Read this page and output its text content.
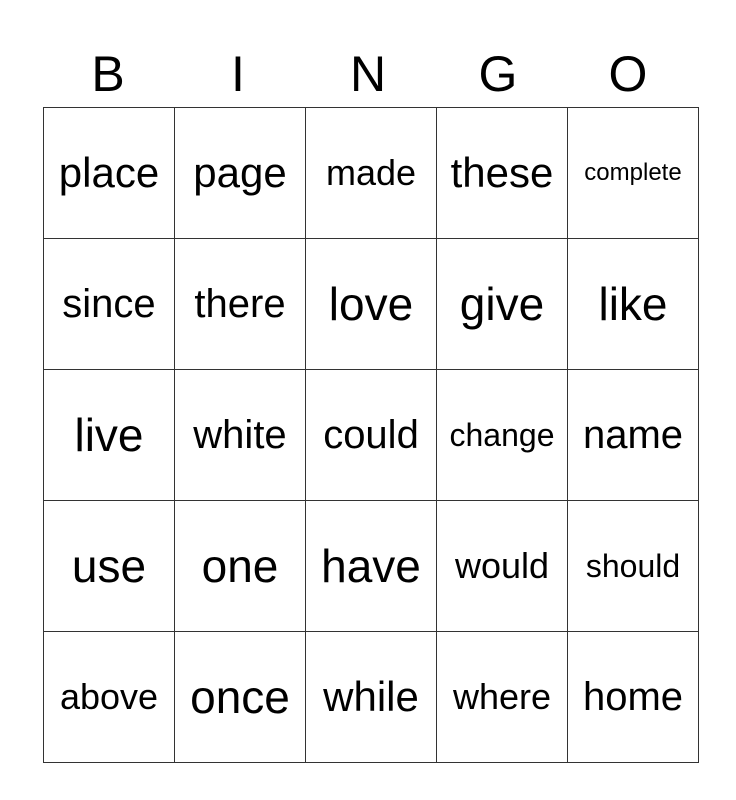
B	I	N	G	O
place	page	made	these	complete
since	there	love	give	like
live	white	could	change	name
use	one	have	would	should
above	once	while	where	home
